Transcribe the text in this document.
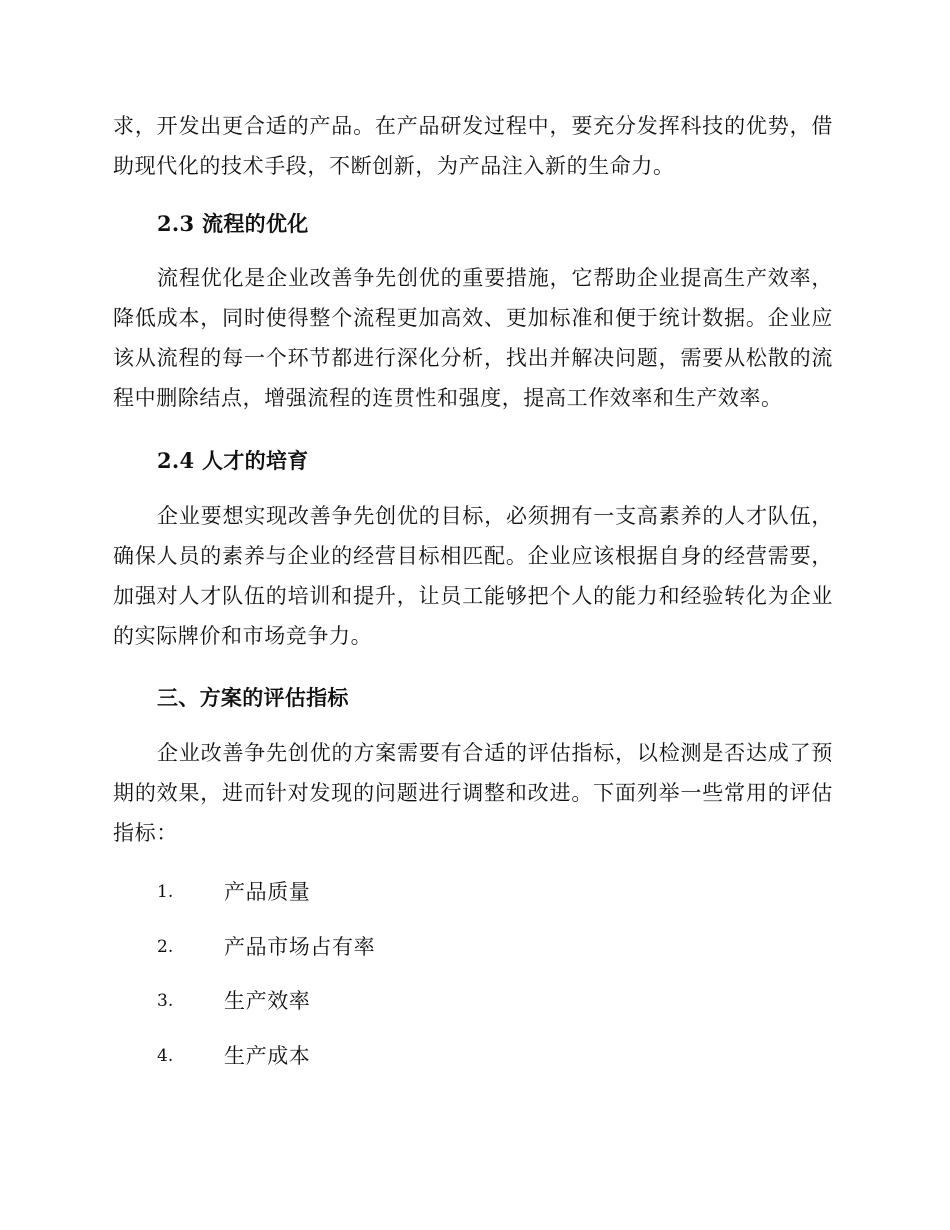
求，开发出更合适的产品。在产品研发过程中，要充分发挥科技的优势，借助现代化的技术手段，不断创新，为产品注入新的生命力。

2.3 流程的优化

流程优化是企业改善争先创优的重要措施，它帮助企业提高生产效率，降低成本，同时使得整个流程更加高效、更加标准和便于统计数据。企业应该从流程的每一个环节都进行深化分析，找出并解决问题，需要从松散的流程中删除结点，增强流程的连贯性和强度，提高工作效率和生产效率。

2.4 人才的培育

企业要想实现改善争先创优的目标，必须拥有一支高素养的人才队伍，确保人员的素养与企业的经营目标相匹配。企业应该根据自身的经营需要，加强对人才队伍的培训和提升，让员工能够把个人的能力和经验转化为企业的实际牌价和市场竞争力。

三、方案的评估指标

企业改善争先创优的方案需要有合适的评估指标，以检测是否达成了预期的效果，进而针对发现的问题进行调整和改进。下面列举一些常用的评估指标：

1.	产品质量
2.	产品市场占有率
3.	生产效率
4.	生产成本
